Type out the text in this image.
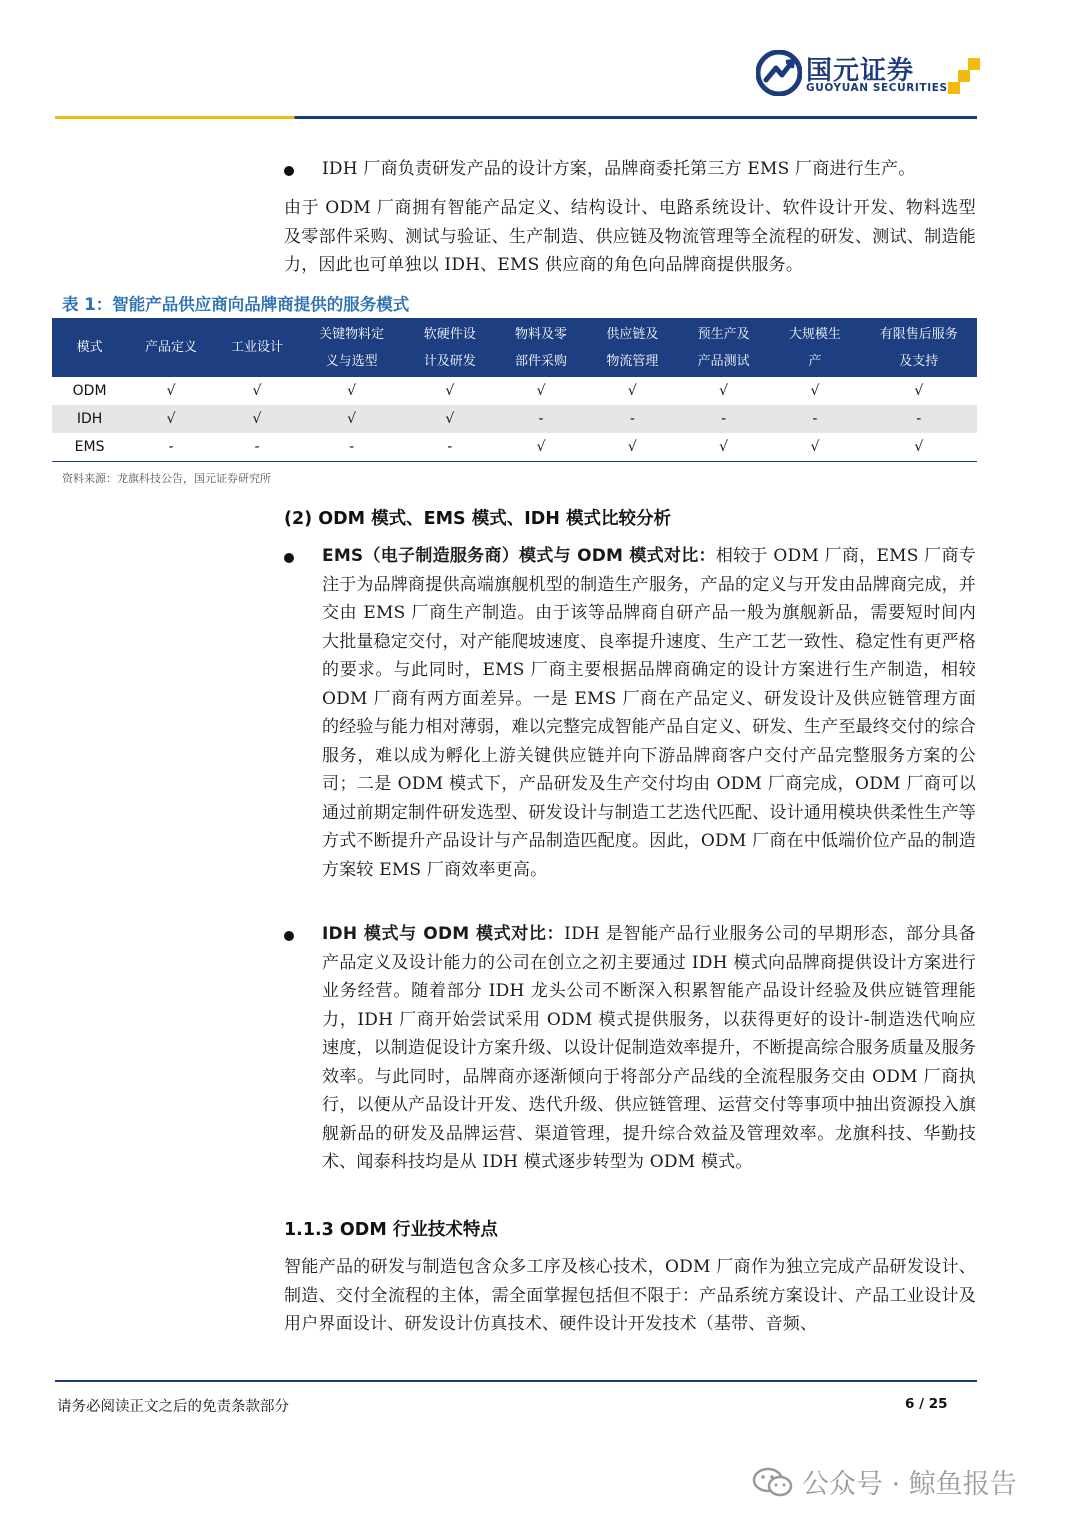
国元证券
GUOYUAN SECURITIES
IDH 厂商负责研发产品的设计方案，品牌商委托第三方 EMS 厂商进行生产。
由于 ODM 厂商拥有智能产品定义、结构设计、电路系统设计、软件设计开发、物料选型及零部件采购、测试与验证、生产制造、供应链及物流管理等全流程的研发、测试、制造能力，因此也可单独以 IDH、EMS 供应商的角色向品牌商提供服务。
表 1：智能产品供应商向品牌商提供的服务模式
模式	产品定义	工业设计	关键物料定义与选型	软硬件设计及研发	物料及零部件采购	供应链及物流管理	预生产及产品测试	大规模生产	有限售后服务及支持

ODM	√	√	√	√	√	√	√	√	√
IDH	√	√	√	√	-	-	-	-	-
EMS	-	-	-	-	√	√	√	√	√
资料来源：龙旗科技公告，国元证券研究所
(2) ODM 模式、EMS 模式、IDH 模式比较分析
EMS（电子制造服务商）模式与 ODM 模式对比：相较于 ODM 厂商，EMS 厂商专注于为品牌商提供高端旗舰机型的制造生产服务，产品的定义与开发由品牌商完成，并交由 EMS 厂商生产制造。由于该等品牌商自研产品一般为旗舰新品，需要短时间内大批量稳定交付，对产能爬坡速度、良率提升速度、生产工艺一致性、稳定性有更严格的要求。与此同时，EMS 厂商主要根据品牌商确定的设计方案进行生产制造，相较 ODM 厂商有两方面差异。一是 EMS 厂商在产品定义、研发设计及供应链管理方面的经验与能力相对薄弱，难以完整完成智能产品自定义、研发、生产至最终交付的综合服务，难以成为孵化上游关键供应链并向下游品牌商客户交付产品完整服务方案的公司；二是 ODM 模式下，产品研发及生产交付均由 ODM 厂商完成，ODM 厂商可以通过前期定制件研发选型、研发设计与制造工艺迭代匹配、设计通用模块供柔性生产等方式不断提升产品设计与产品制造匹配度。因此，ODM 厂商在中低端价位产品的制造方案较 EMS 厂商效率更高。
IDH 模式与 ODM 模式对比：IDH 是智能产品行业服务公司的早期形态，部分具备产品定义及设计能力的公司在创立之初主要通过 IDH 模式向品牌商提供设计方案进行业务经营。随着部分 IDH 龙头公司不断深入积累智能产品设计经验及供应链管理能力，IDH 厂商开始尝试采用 ODM 模式提供服务，以获得更好的设计-制造迭代响应速度，以制造促设计方案升级、以设计促制造效率提升，不断提高综合服务质量及服务效率。与此同时，品牌商亦逐渐倾向于将部分产品线的全流程服务交由 ODM 厂商执行，以便从产品设计开发、迭代升级、供应链管理、运营交付等事项中抽出资源投入旗舰新品的研发及品牌运营、渠道管理，提升综合效益及管理效率。龙旗科技、华勤技术、闻泰科技均是从 IDH 模式逐步转型为 ODM 模式。
1.1.3 ODM 行业技术特点
智能产品的研发与制造包含众多工序及核心技术，ODM 厂商作为独立完成产品研发设计、制造、交付全流程的主体，需全面掌握包括但不限于：产品系统方案设计、产品工业设计及用户界面设计、研发设计仿真技术、硬件设计开发技术（基带、音频、
请务必阅读正文之后的免责条款部分	6 / 25
公众号 · 鲸鱼报告
